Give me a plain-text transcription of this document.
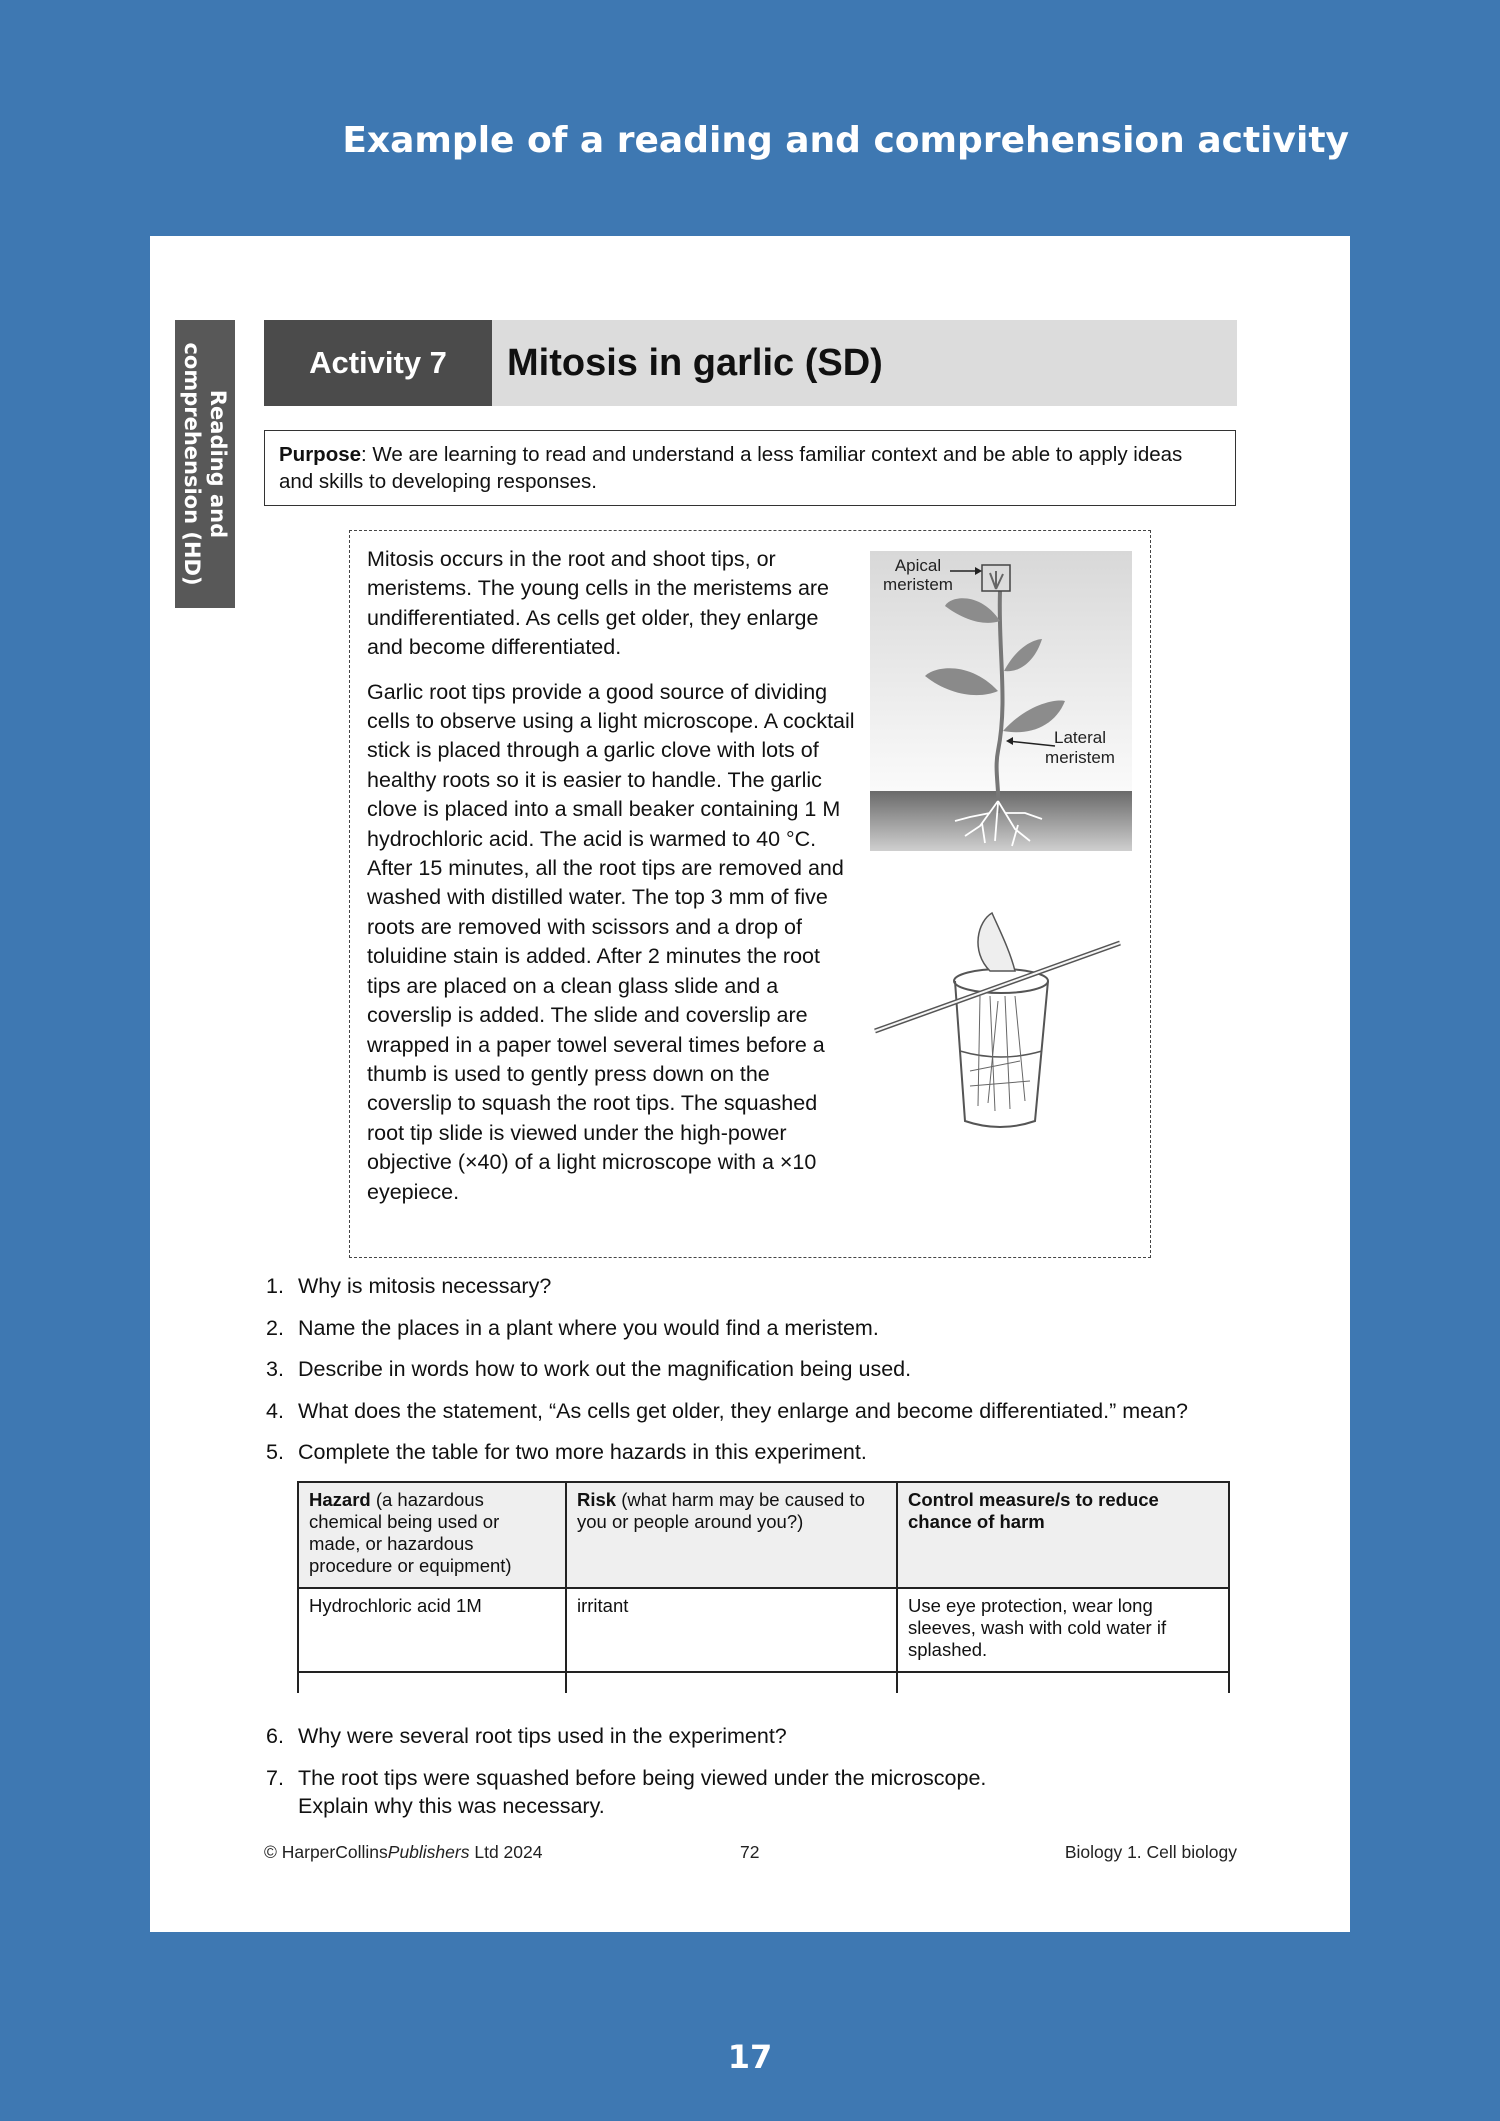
Example of a reading and comprehension activity
Reading and
comprehension (HD)	Activity 7	Mitosis in garlic (SD)
Purpose: We are learning to read and understand a less familiar context and be able to apply ideas and skills to developing responses.

Mitosis occurs in the root and shoot tips, or meristems. The young cells in the meristems are undifferentiated. As cells get older, they enlarge and become differentiated.

Garlic root tips provide a good source of dividing cells to observe using a light microscope. A cocktail stick is placed through a garlic clove with lots of healthy roots so it is easier to handle. The garlic clove is placed into a small beaker containing 1 M hydrochloric acid. The acid is warmed to 40 °C. After 15 minutes, all the root tips are removed and washed with distilled water. The top 3 mm of five roots are removed with scissors and a drop of toluidine stain is added. After 2 minutes the root tips are placed on a clean glass slide and a coverslip is added. The slide and coverslip are wrapped in a paper towel several times before a thumb is used to gently press down on the coverslip to squash the root tips. The squashed root tip slide is viewed under the high-power objective (×40) of a light microscope with a ×10 eyepiece.

Apical
meristem
Lateral
meristem
1. Why is mitosis necessary?
2. Name the places in a plant where you would find a meristem.
3. Describe in words how to work out the magnification being used.
4. What does the statement, “As cells get older, they enlarge and become differentiated.” mean?
5. Complete the table for two more hazards in this experiment.
Hazard (a hazardous chemical being used or made, or hazardous procedure or equipment)	Risk (what harm may be caused to you or people around you?)	Control measure/s to reduce chance of harm
Hydrochloric acid 1M	irritant	Use eye protection, wear long sleeves, wash with cold water if splashed.

6. Why were several root tips used in the experiment?
7. The root tips were squashed before being viewed under the microscope.
Explain why this was necessary.
© HarperCollinsPublishers Ltd 2024	72	Biology 1. Cell biology
17
